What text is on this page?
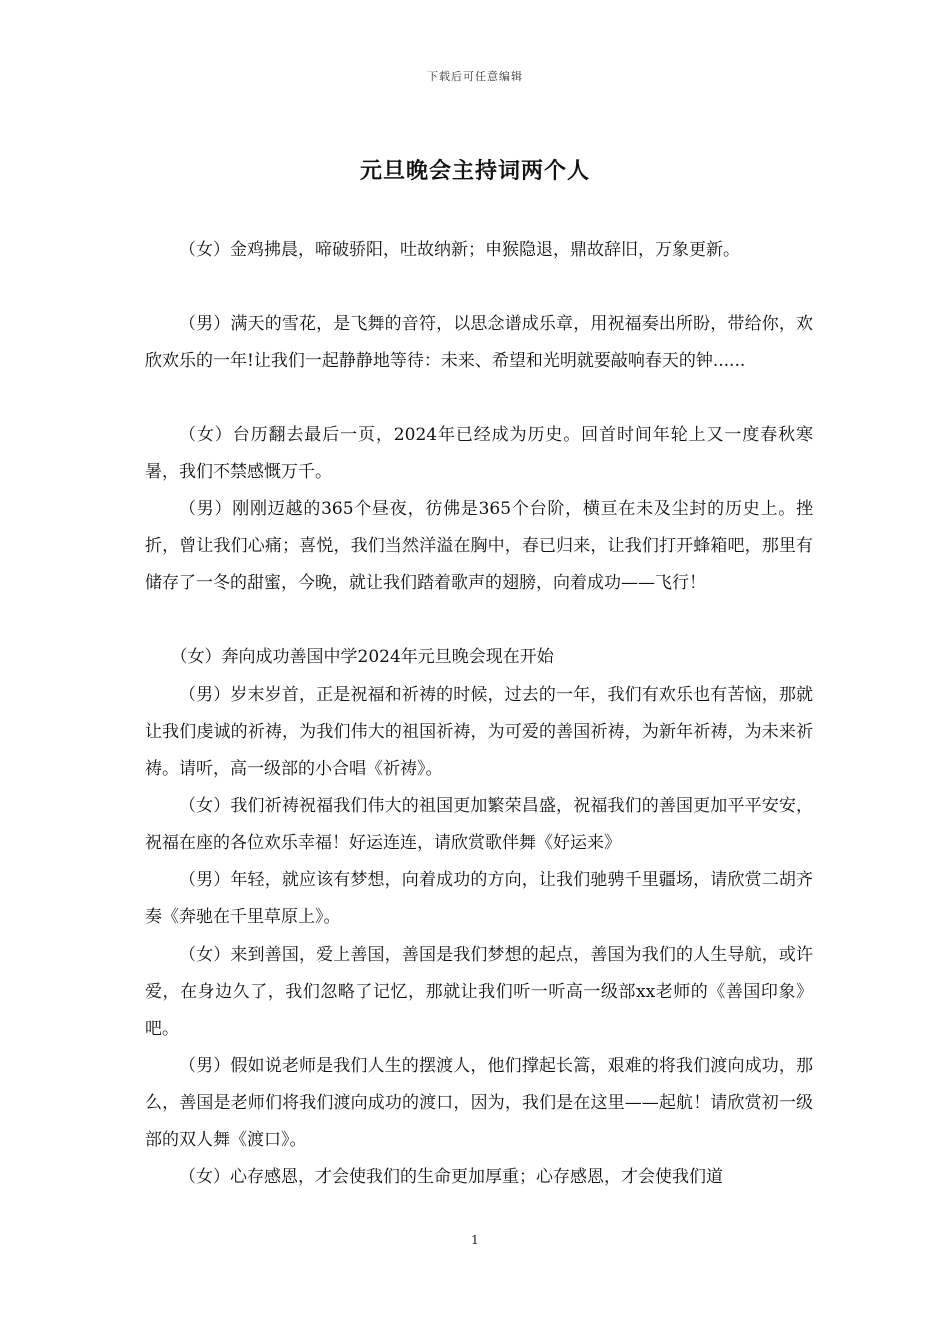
下载后可任意编辑
元旦晚会主持词两个人

（女）金鸡拂晨，啼破骄阳，吐故纳新；申猴隐退，鼎故辞旧，万象更新。

（男）满天的雪花，是飞舞的音符，以思念谱成乐章，用祝福奏出所盼，带给你，欢欣欢乐的一年!让我们一起静静地等待：未来、希望和光明就要敲响春天的钟......

（女）台历翻去最后一页，2024年已经成为历史。回首时间年轮上又一度春秋寒暑，我们不禁感慨万千。

（男）刚刚迈越的365个昼夜，彷佛是365个台阶，横亘在未及尘封的历史上。挫折，曾让我们心痛；喜悦，我们当然洋溢在胸中，春已归来，让我们打开蜂箱吧，那里有储存了一冬的甜蜜，今晚，就让我们踏着歌声的翅膀，向着成功——飞行！

（女）奔向成功善国中学2024年元旦晚会现在开始

（男）岁末岁首，正是祝福和祈祷的时候，过去的一年，我们有欢乐也有苦恼，那就让我们虔诚的祈祷，为我们伟大的祖国祈祷，为可爱的善国祈祷，为新年祈祷，为未来祈祷。请听，高一级部的小合唱《祈祷》。

（女）我们祈祷祝福我们伟大的祖国更加繁荣昌盛，祝福我们的善国更加平平安安，祝福在座的各位欢乐幸福！好运连连，请欣赏歌伴舞《好运来》

（男）年轻，就应该有梦想，向着成功的方向，让我们驰骋千里疆场，请欣赏二胡齐奏《奔驰在千里草原上》。

（女）来到善国，爱上善国，善国是我们梦想的起点，善国为我们的人生导航，或许爱，在身边久了，我们忽略了记忆，那就让我们听一听高一级部xx老师的《善国印象》吧。

（男）假如说老师是我们人生的摆渡人，他们撑起长篙，艰难的将我们渡向成功，那么，善国是老师们将我们渡向成功的渡口，因为，我们是在这里——起航！请欣赏初一级部的双人舞《渡口》。

（女）心存感恩，才会使我们的生命更加厚重；心存感恩，才会使我们道

1
